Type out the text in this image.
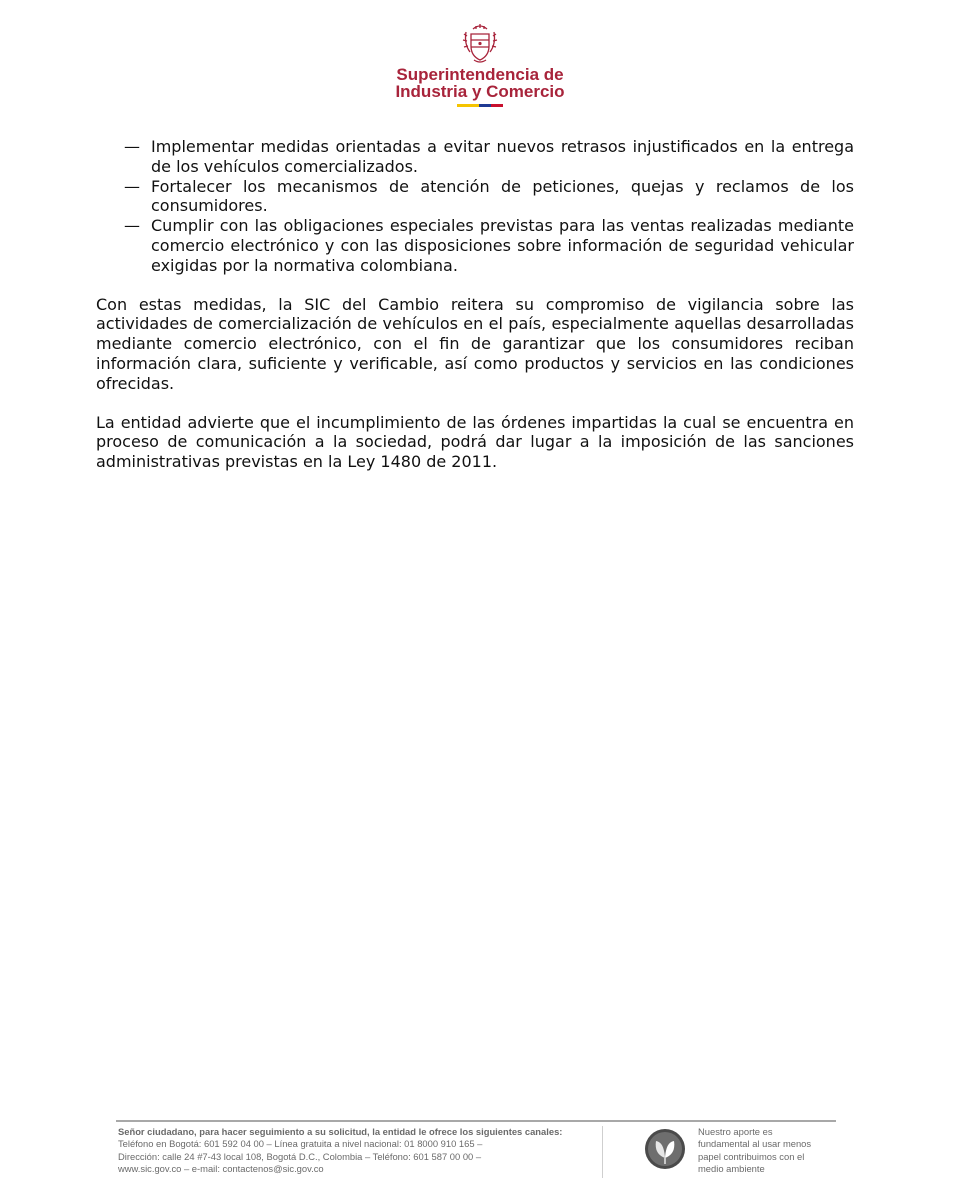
Superintendencia de
Industria y Comercio
— Implementar medidas orientadas a evitar nuevos retrasos injustificados en la entrega de los vehículos comercializados.
— Fortalecer los mecanismos de atención de peticiones, quejas y reclamos de los consumidores.
— Cumplir con las obligaciones especiales previstas para las ventas realizadas mediante comercio electrónico y con las disposiciones sobre información de seguridad vehicular exigidas por la normativa colombiana.

Con estas medidas, la SIC del Cambio reitera su compromiso de vigilancia sobre las actividades de comercialización de vehículos en el país, especialmente aquellas desarrolladas mediante comercio electrónico, con el fin de garantizar que los consumidores reciban información clara, suficiente y verificable, así como productos y servicios en las condiciones ofrecidas.

La entidad advierte que el incumplimiento de las órdenes impartidas la cual se encuentra en proceso de comunicación a la sociedad, podrá dar lugar a la imposición de las sanciones administrativas previstas en la Ley 1480 de 2011.

Señor ciudadano, para hacer seguimiento a su solicitud, la entidad le ofrece los siguientes canales:
Teléfono en Bogotá: 601 592 04 00 – Línea gratuita a nivel nacional: 01 8000 910 165 –
Dirección: calle 24 #7-43 local 108, Bogotá D.C., Colombia – Teléfono: 601 587 00 00 –
www.sic.gov.co – e-mail: contactenos@sic.gov.co
Nuestro aporte es
fundamental al usar menos
papel contribuimos con el
medio ambiente
